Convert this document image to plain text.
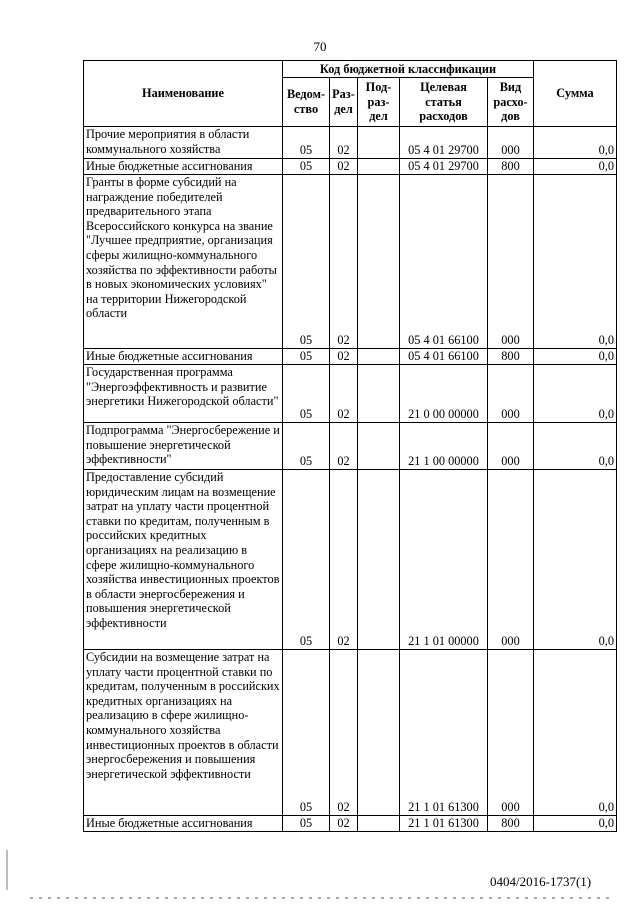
70
Наименование	Код бюджетной классификации					Сумма
	Ведом-ство	Раз-дел	Под-раз-дел	Целевая статья расходов	Вид расхо-дов	
Прочие мероприятия в области коммунального хозяйства	05	02		05 4 01 29700	000	0,0
Иные бюджетные ассигнования	05	02		05 4 01 29700	800	0,0
Гранты в форме субсидий на награждение победителей предварительного этапа Всероссийского конкурса на звание "Лучшее предприятие, организация сферы жилищно-коммунального хозяйства по эффективности работы в новых экономических условиях" на территории Нижегородской области	05	02		05 4 01 66100	000	0,0
Иные бюджетные ассигнования	05	02		05 4 01 66100	800	0,0
Государственная программа "Энергоэффективность и развитие энергетики Нижегородской области"	05	02		21 0 00 00000	000	0,0
Подпрограмма "Энергосбережение и повышение энергетической эффективности"	05	02		21 1 00 00000	000	0,0
Предоставление субсидий юридическим лицам на возмещение затрат на уплату части процентной ставки по кредитам, полученным в российских кредитных организациях на реализацию в сфере жилищно-коммунального хозяйства инвестиционных проектов в области энергосбережения и повышения энергетической эффективности	05	02		21 1 01 00000	000	0,0
Субсидии на возмещение затрат на уплату части процентной ставки по кредитам, полученным в российских кредитных организациях на реализацию в сфере жилищно-коммунального хозяйства инвестиционных проектов в области энергосбережения и повышения энергетической эффективности	05	02		21 1 01 61300	000	0,0
Иные бюджетные ассигнования	05	02		21 1 01 61300	800	0,0
0404/2016-1737(1)
